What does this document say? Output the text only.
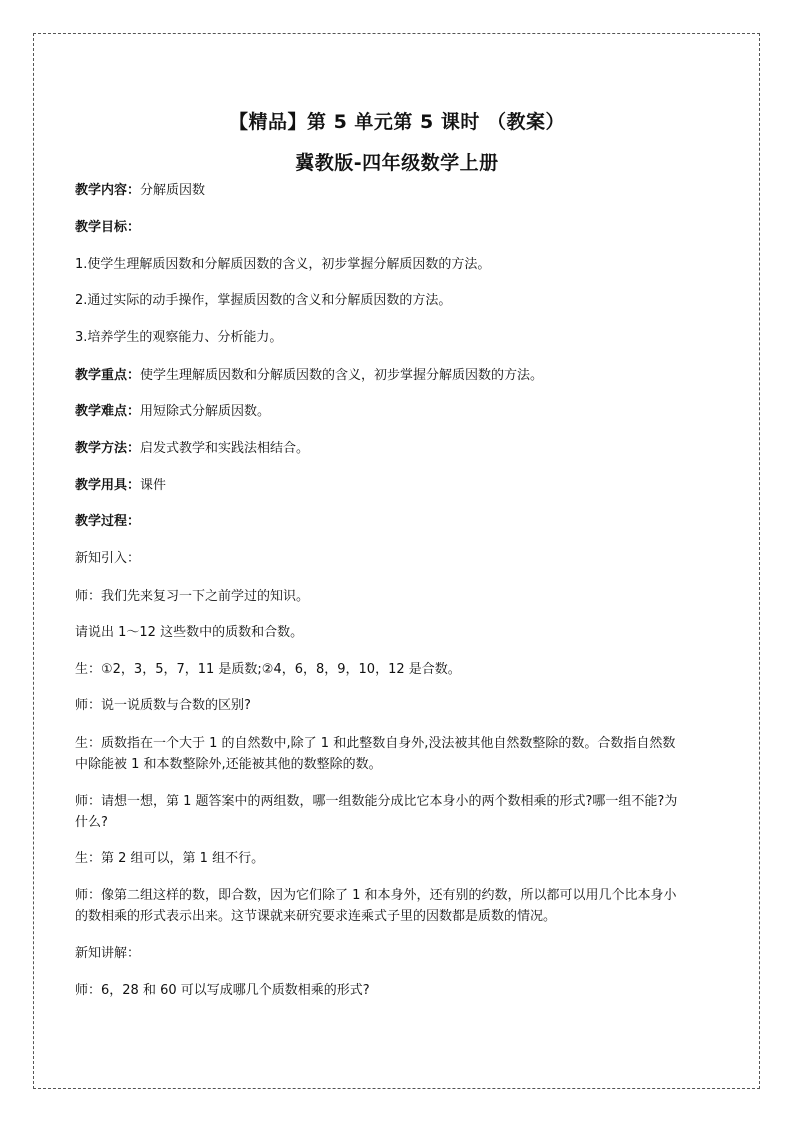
【精品】第 5 单元第 5 课时 （教案）
冀教版-四年级数学上册
教学内容：分解质因数
教学目标：
1.使学生理解质因数和分解质因数的含义，初步掌握分解质因数的方法。
2.通过实际的动手操作，掌握质因数的含义和分解质因数的方法。
3.培养学生的观察能力、分析能力。
教学重点：使学生理解质因数和分解质因数的含义，初步掌握分解质因数的方法。
教学难点：用短除式分解质因数。
教学方法：启发式教学和实践法相结合。
教学用具：课件
教学过程：
新知引入：
师：我们先来复习一下之前学过的知识。
请说出 1～12 这些数中的质数和合数。
生：①2，3，5，7，11 是质数;②4，6，8，9，10，12 是合数。
师：说一说质数与合数的区别?
生：质数指在一个大于 1 的自然数中,除了 1 和此整数自身外,没法被其他自然数整除的数。合数指自然数
中除能被 1 和本数整除外,还能被其他的数整除的数。
师：请想一想，第 1 题答案中的两组数，哪一组数能分成比它本身小的两个数相乘的形式?哪一组不能?为
什么?
生：第 2 组可以，第 1 组不行。
师：像第二组这样的数，即合数，因为它们除了 1 和本身外，还有别的约数，所以都可以用几个比本身小
的数相乘的形式表示出来。这节课就来研究要求连乘式子里的因数都是质数的情况。
新知讲解：
师：6，28 和 60 可以写成哪几个质数相乘的形式?
